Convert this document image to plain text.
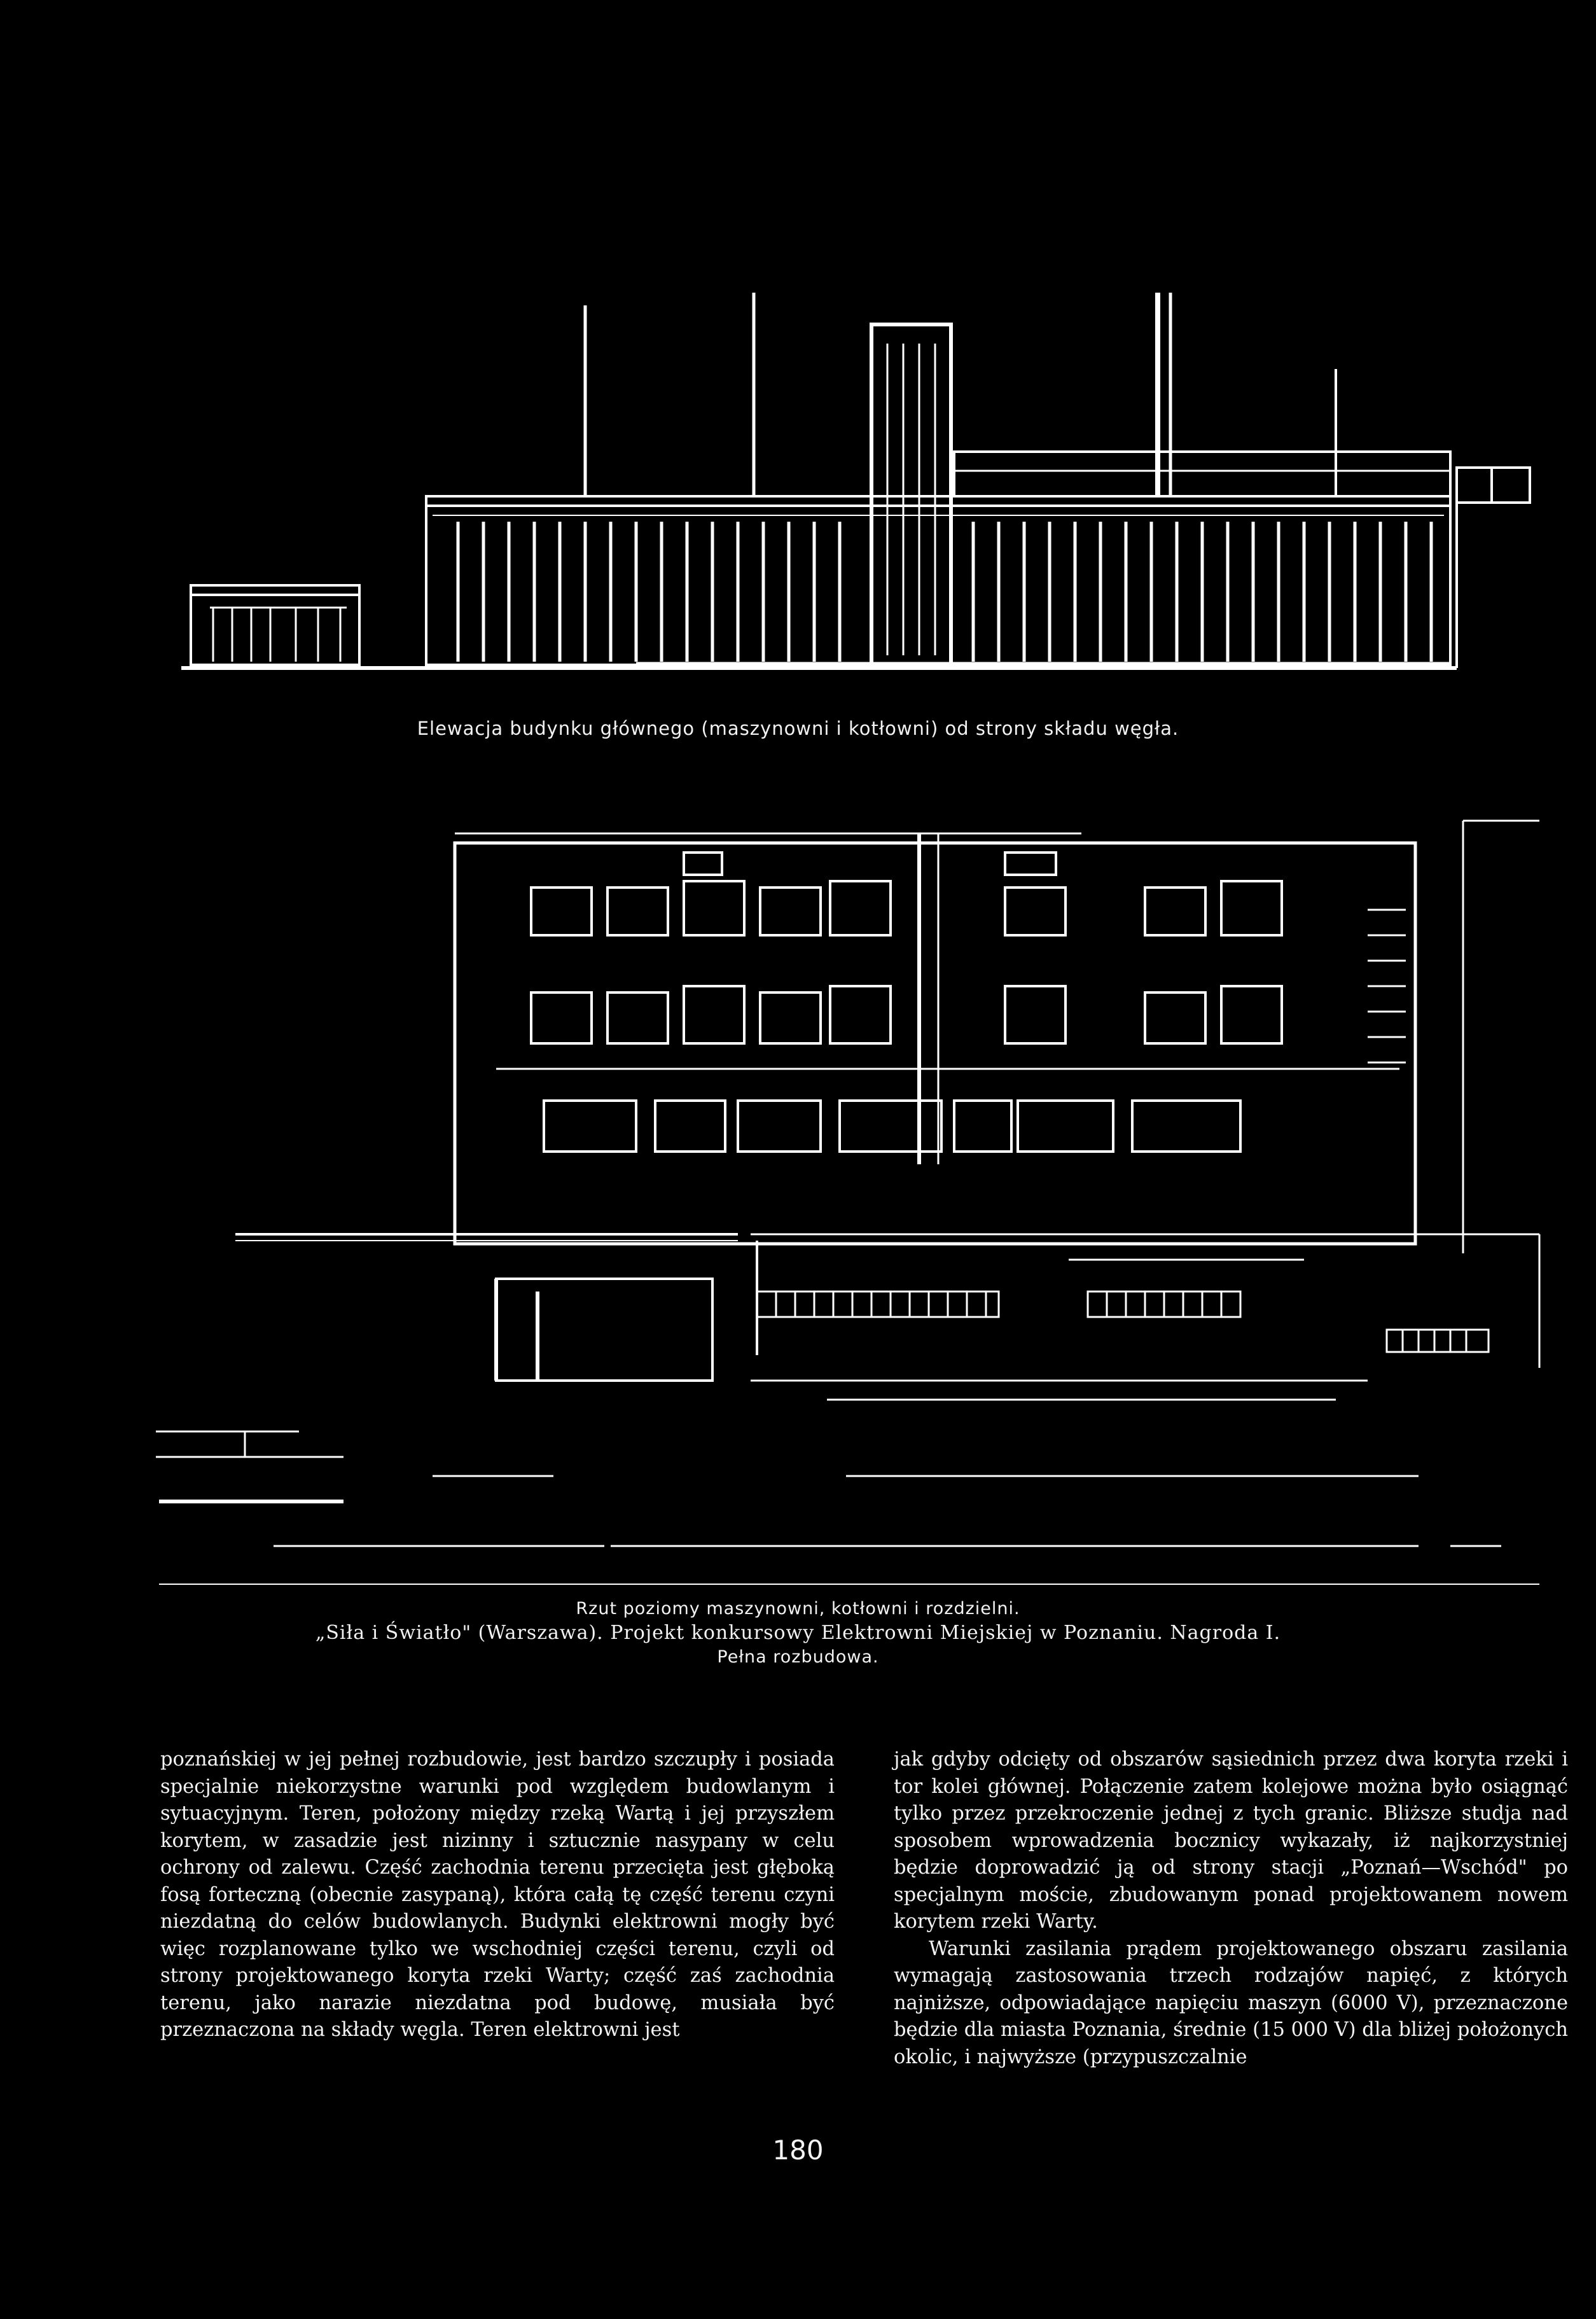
Elewacja budynku głównego (maszynowni i kotłowni) od strony składu węgła.

Rzut poziomy maszynowni, kotłowni i rozdzielni.
„Siła i Światło" (Warszawa). Projekt konkursowy Elektrowni Miejskiej w Poznaniu. Nagroda I.
Pełna rozbudowa.

poznańskiej w jej pełnej rozbudowie, jest bardzo szczupły i posiada specjalnie niekorzystne warunki pod względem budowlanym i sytuacyjnym. Teren, położony między rzeką Wartą i jej przyszłem korytem, w zasadzie jest nizinny i sztucznie nasypany w celu ochrony od zalewu. Część zachodnia terenu przecięta jest głęboką fosą forteczną (obecnie zasypaną), która całą tę część terenu czyni niezdatną do celów budowlanych. Budynki elektrowni mogły być więc rozplanowane tylko we wschodniej części terenu, czyli od strony projektowanego koryta rzeki Warty; część zaś zachodnia terenu, jako narazie niezdatna pod budowę, musiała być przeznaczona na składy węgla. Teren elektrowni jest

jak gdyby odcięty od obszarów sąsiednich przez dwa koryta rzeki i tor kolei głównej. Połączenie zatem kolejowe można było osiągnąć tylko przez przekroczenie jednej z tych granic. Bliższe studja nad sposobem wprowadzenia bocznicy wykazały, iż najkorzystniej będzie doprowadzić ją od strony stacji „Poznań—Wschód" po specjalnym moście, zbudowanym ponad projektowanem nowem korytem rzeki Warty.

Warunki zasilania prądem projektowanego obszaru zasilania wymagają zastosowania trzech rodzajów napięć, z których najniższe, odpowiadające napięciu maszyn (6000 V), przeznaczone będzie dla miasta Poznania, średnie (15 000 V) dla bliżej położonych okolic, i najwyższe (przypuszczalnie

180
